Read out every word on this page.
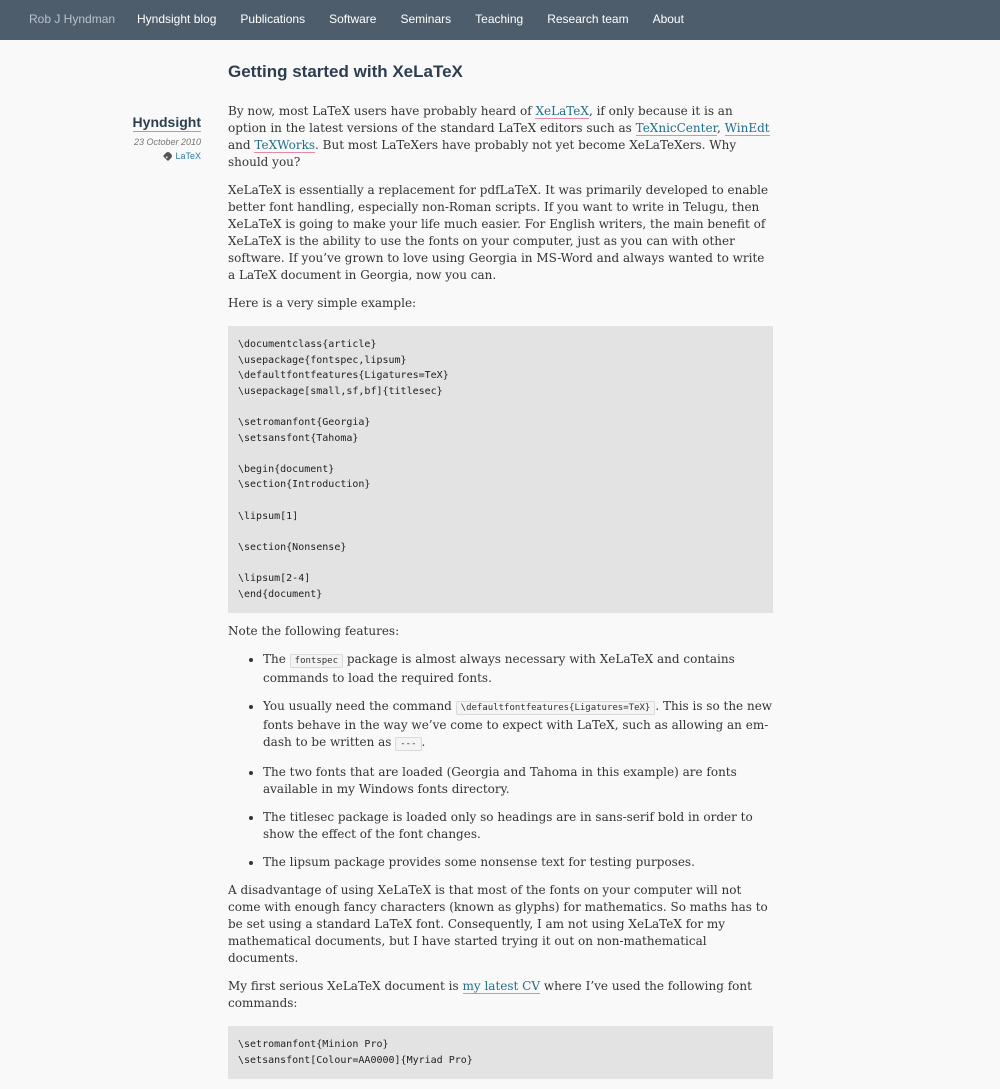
Rob J Hyndman Hyndsight blog Publications Software Seminars Teaching Research team About
Hyndsight
23 October 2010
LaTeX
Getting started with XeLaTeX

By now, most LaTeX users have probably heard of XeLaTeX, if only because it is an option in the latest versions of the standard LaTeX editors such as TeXnicCenter, WinEdt and TeXWorks. But most LaTeXers have probably not yet become XeLaTeXers. Why should you?

XeLaTeX is essentially a replacement for pdfLaTeX. It was primarily developed to enable better font handling, especially non-Roman scripts. If you want to write in Telugu, then XeLaTeX is going to make your life much easier. For English writers, the main benefit of XeLaTeX is the ability to use the fonts on your computer, just as you can with other software. If you’ve grown to love using Georgia in MS-Word and always wanted to write a LaTeX document in Georgia, now you can.

Here is a very simple example:

\documentclass{article}
\usepackage{fontspec,lipsum}
\defaultfontfeatures{Ligatures=TeX}
\usepackage[small,sf,bf]{titlesec}

\setromanfont{Georgia}
\setsansfont{Tahoma}

\begin{document}
\section{Introduction}

\lipsum[1]

\section{Nonsense}

\lipsum[2-4]
\end{document}

Note the following features:

• The fontspec package is almost always necessary with XeLaTeX and contains commands to load the required fonts.
• You usually need the command \defaultfontfeatures{Ligatures=TeX} . This is so the new fonts behave in the way we’ve come to expect with LaTeX, such as allowing an em-dash to be written as --- .
• The two fonts that are loaded (Georgia and Tahoma in this example) are fonts available in my Windows fonts directory.
• The titlesec package is loaded only so headings are in sans-serif bold in order to show the effect of the font changes.
• The lipsum package provides some nonsense text for testing purposes.

A disadvantage of using XeLaTeX is that most of the fonts on your computer will not come with enough fancy characters (known as glyphs) for mathematics. So maths has to be set using a standard LaTeX font. Consequently, I am not using XeLaTeX for my mathematical documents, but I have started trying it out on non-mathematical documents.

My first serious XeLaTeX document is my latest CV where I’ve used the following font commands:

\setromanfont{Minion Pro}
\setsansfont[Colour=AA0000]{Myriad Pro}
